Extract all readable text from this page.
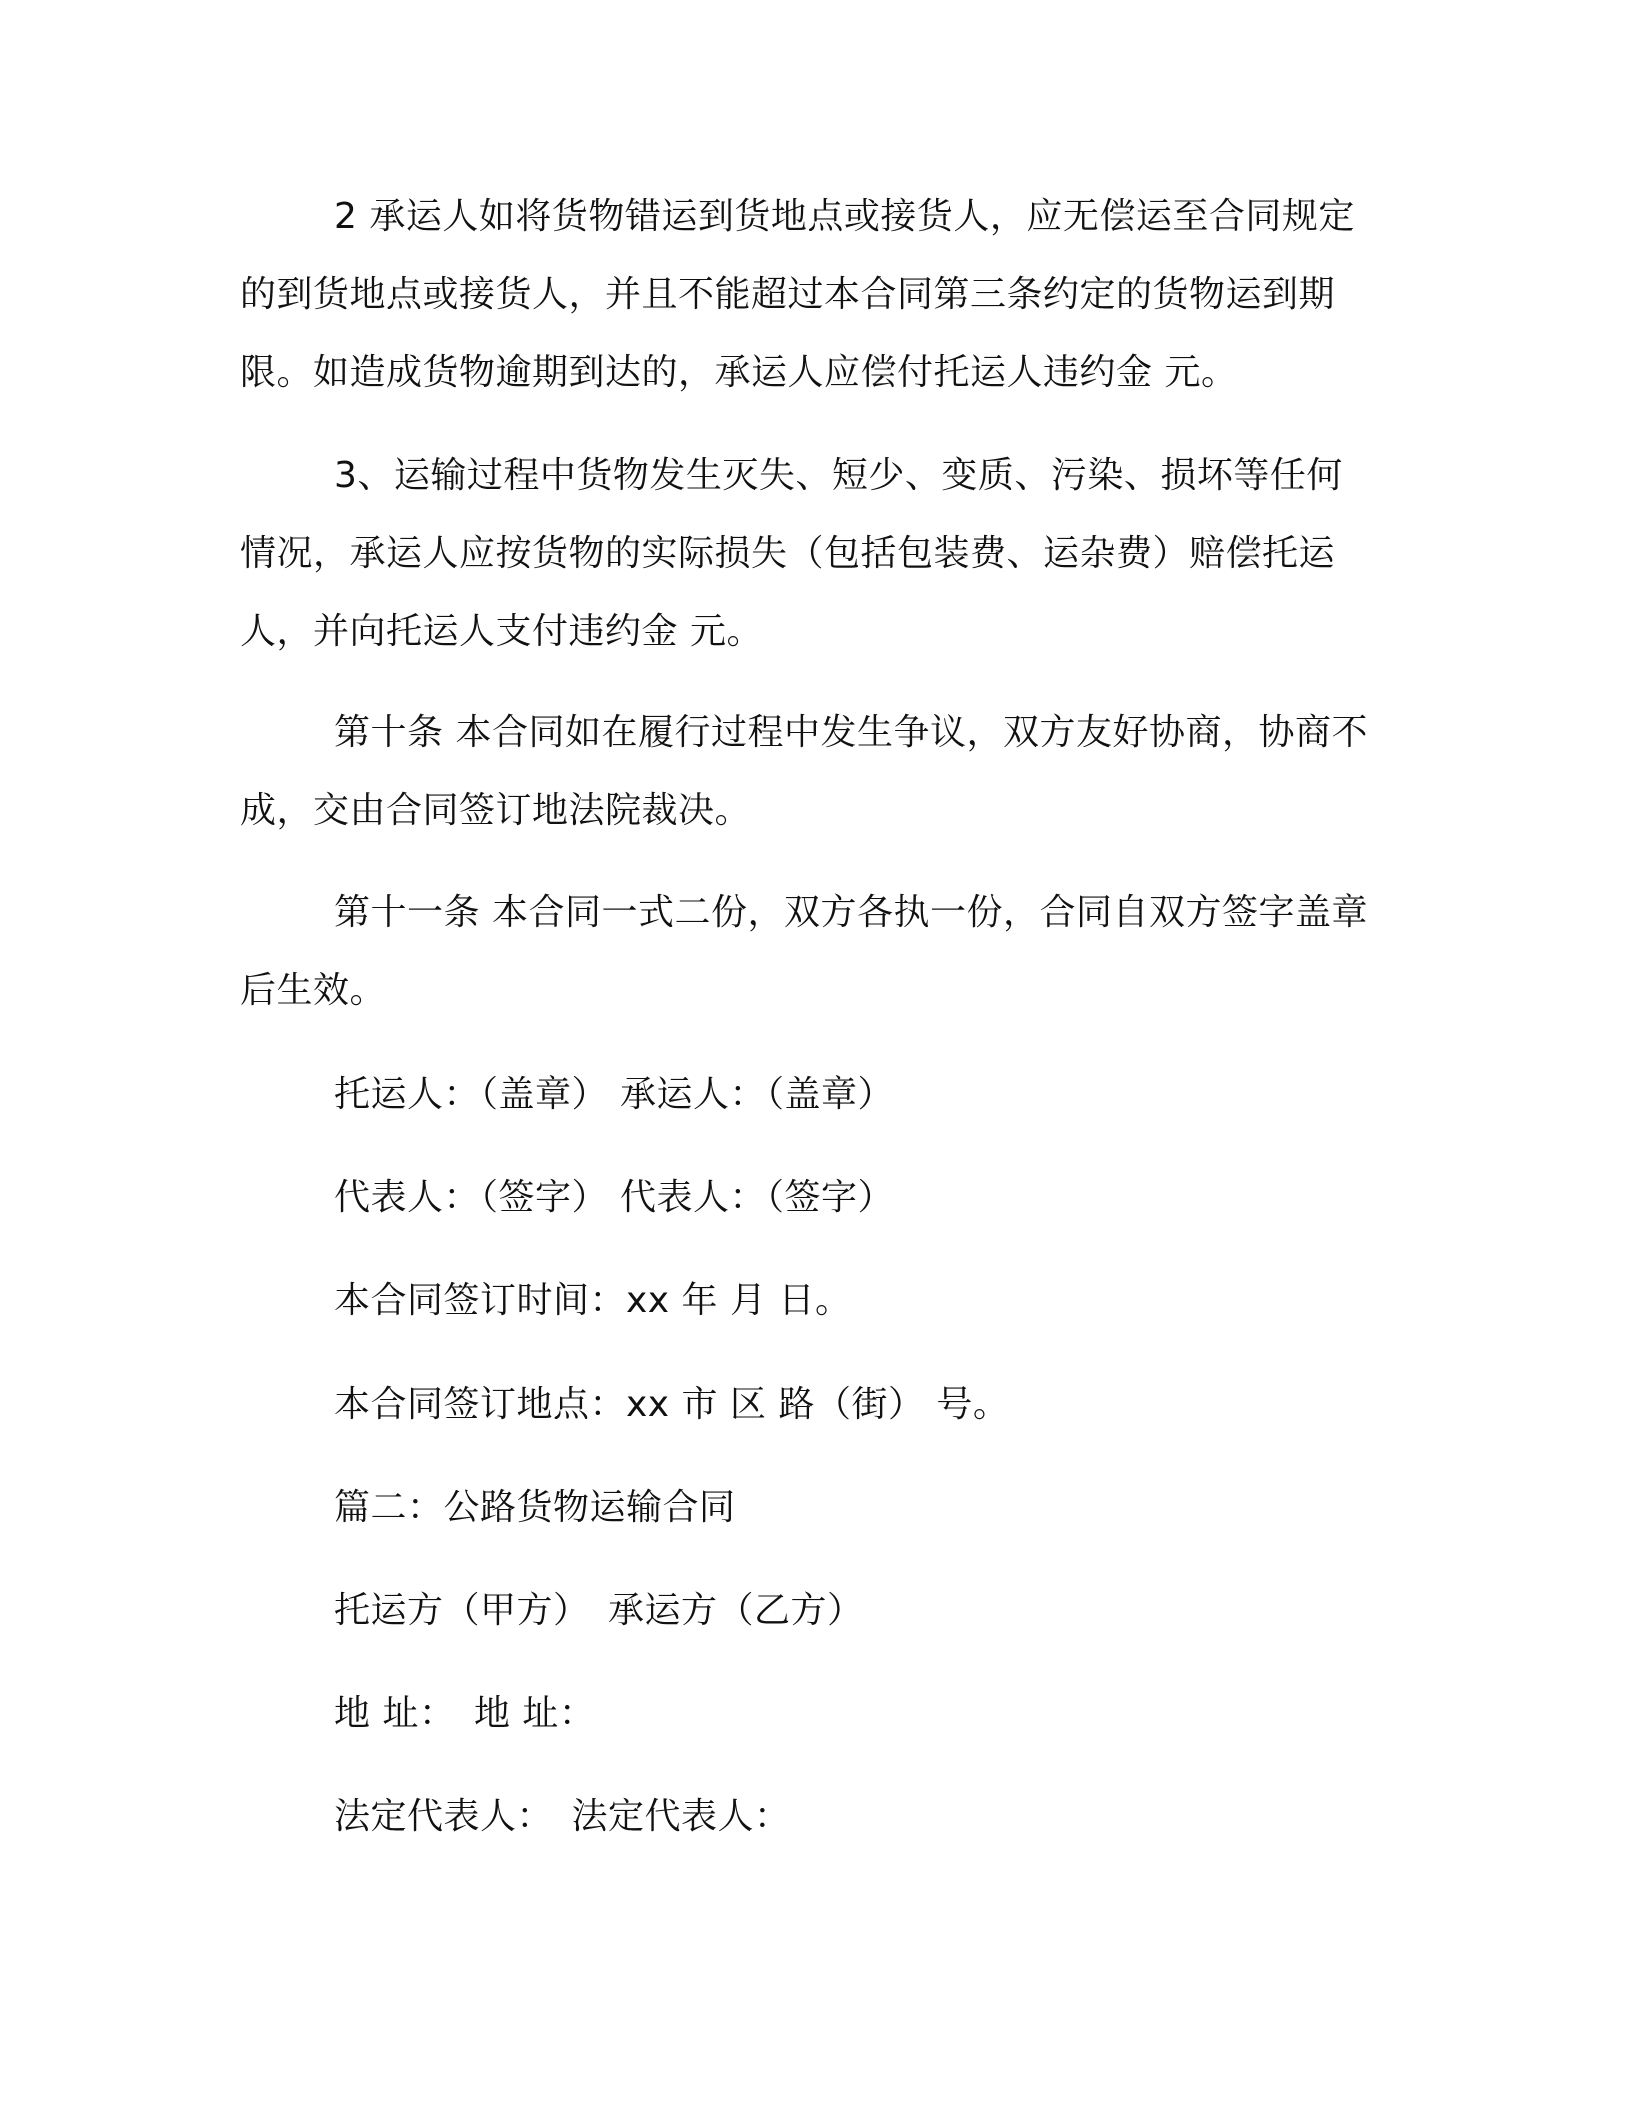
2 承运人如将货物错运到货地点或接货人，应无偿运至合同规定
的到货地点或接货人，并且不能超过本合同第三条约定的货物运到期
限。如造成货物逾期到达的，承运人应偿付托运人违约金 元。

3、运输过程中货物发生灭失、短少、变质、污染、损坏等任何
情况，承运人应按货物的实际损失（包括包装费、运杂费）赔偿托运
人，并向托运人支付违约金 元。

第十条 本合同如在履行过程中发生争议，双方友好协商，协商不
成，交由合同签订地法院裁决。

第十一条 本合同一式二份，双方各执一份，合同自双方签字盖章
后生效。

托运人：（盖章） 承运人：（盖章）

代表人：（签字） 代表人：（签字）

本合同签订时间：xx 年 月 日。

本合同签订地点：xx 市 区 路（街） 号。

篇二：公路货物运输合同

托运方（甲方）　承运方（乙方）

地 址：　地 址：

法定代表人：　法定代表人：
